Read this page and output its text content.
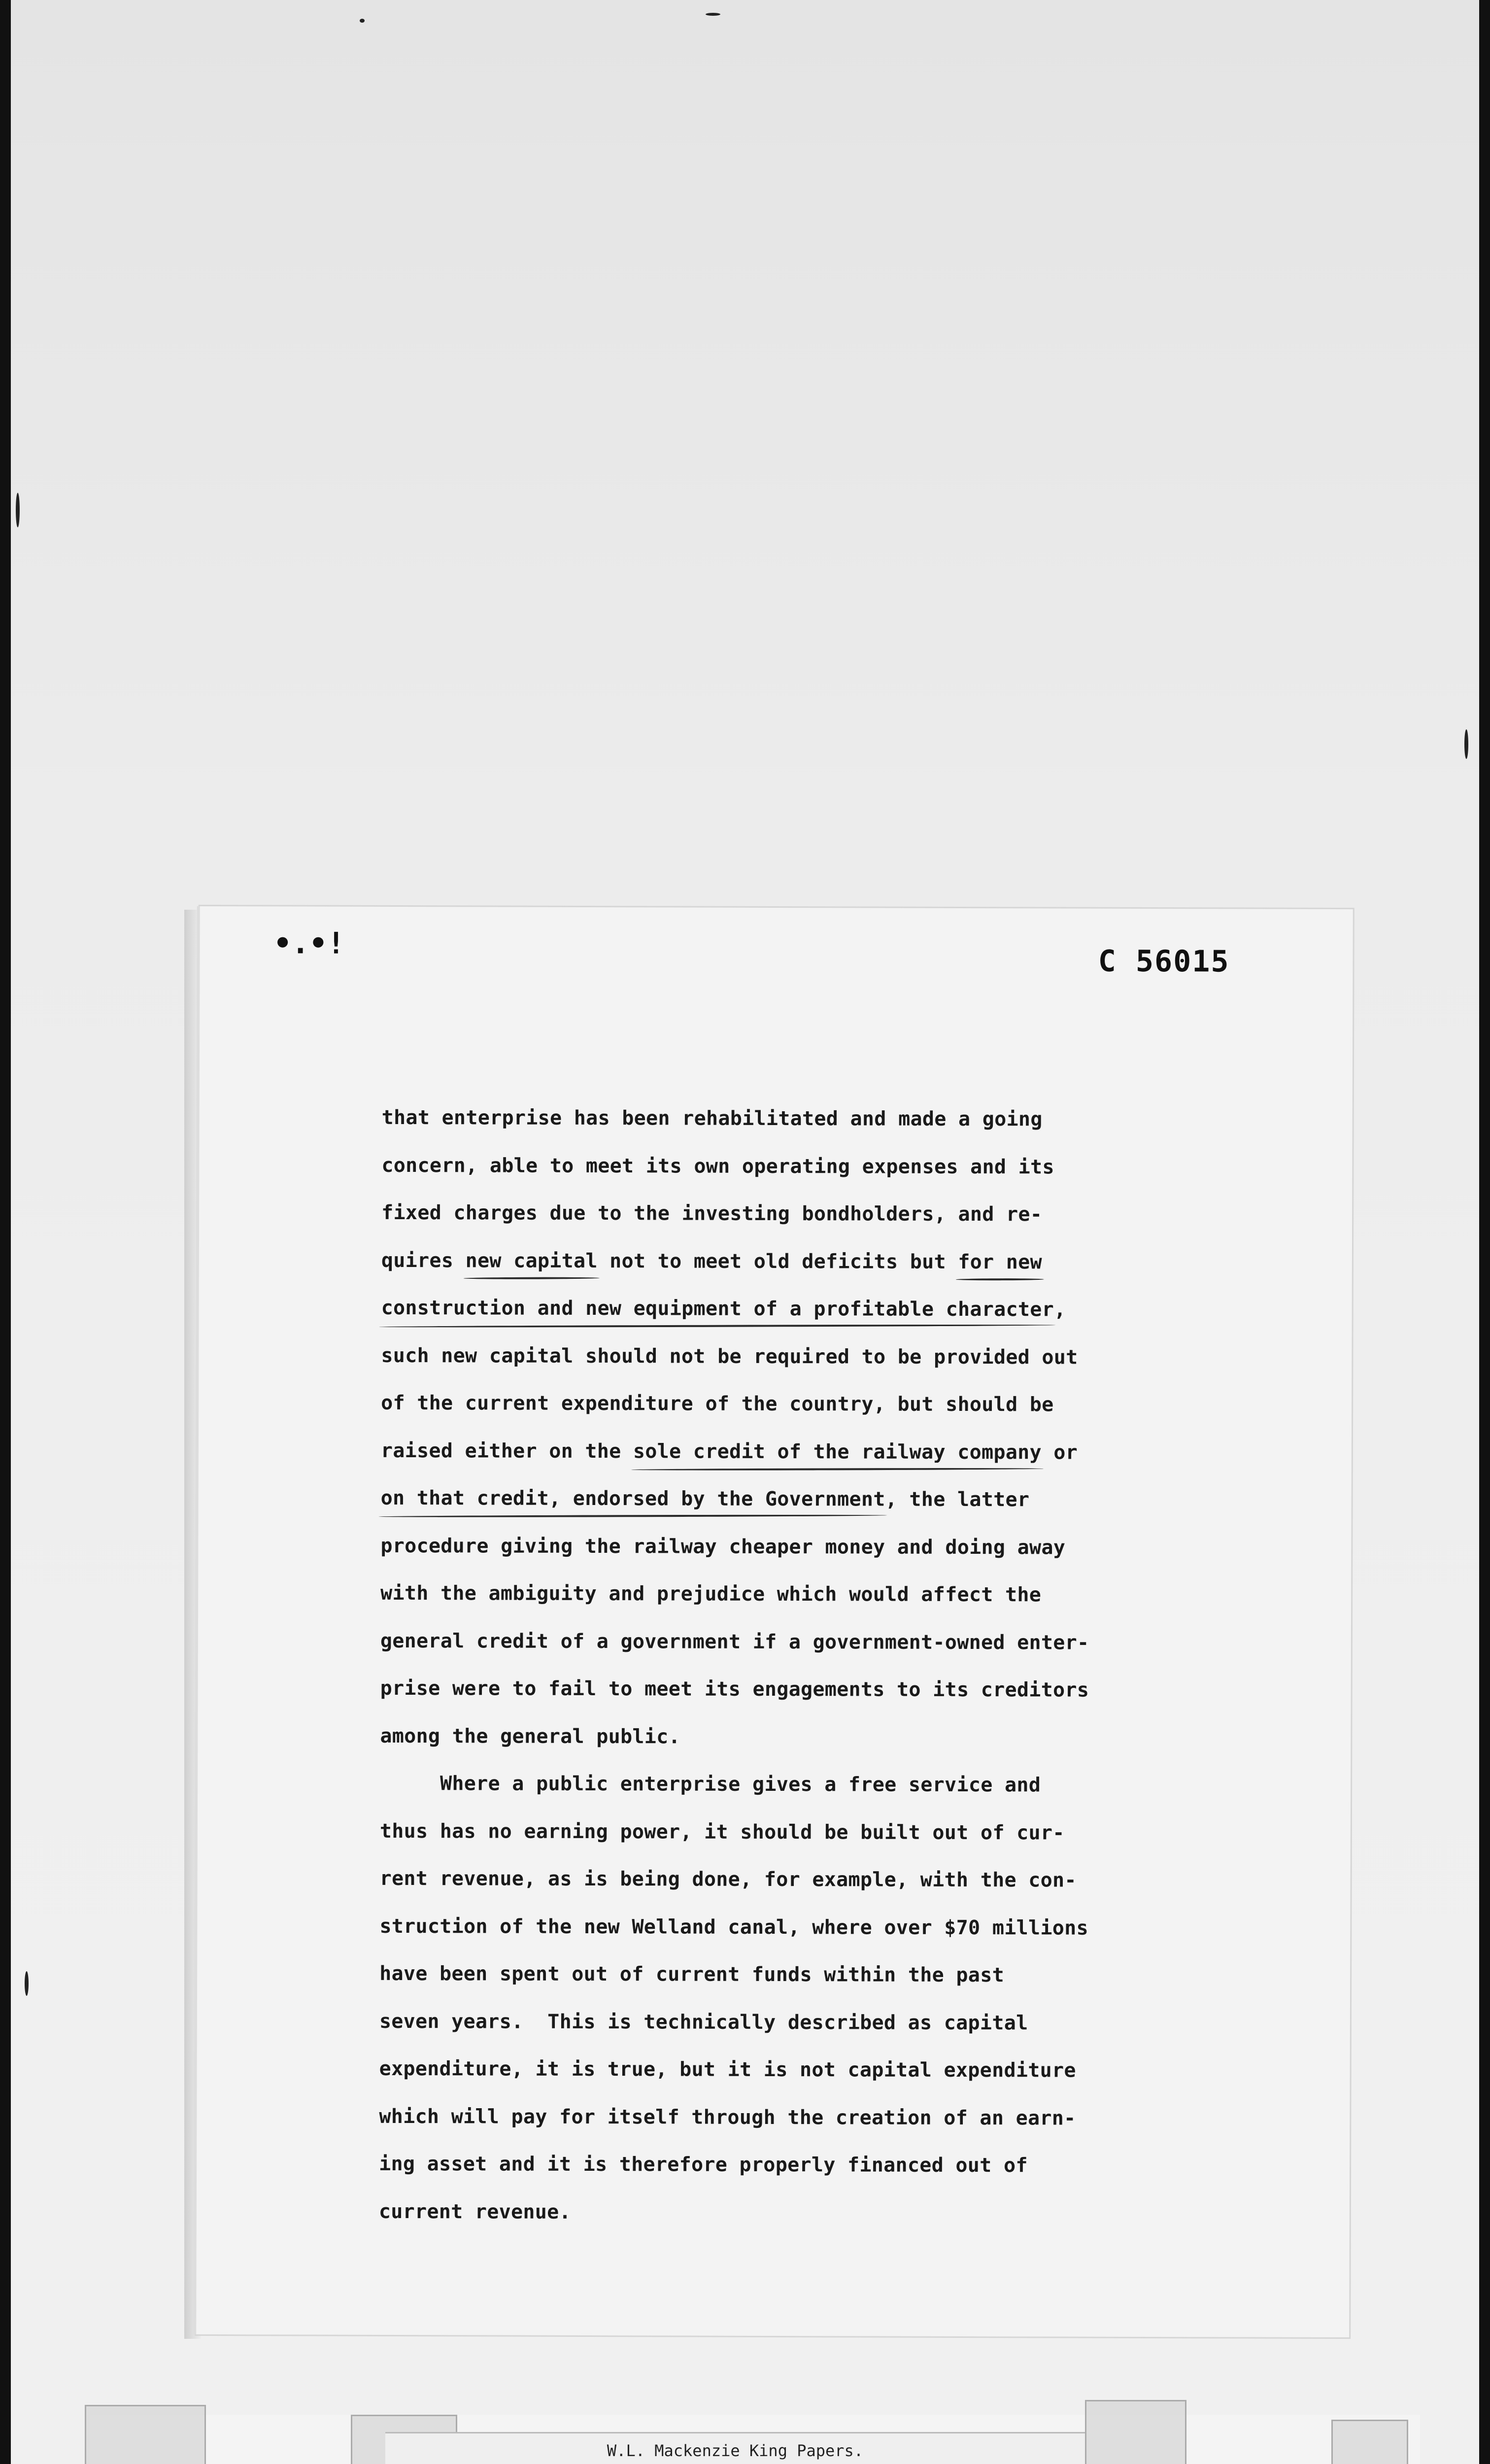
•.•!
C 56015
that enterprise has been rehabilitated and made a going
concern, able to meet its own operating expenses and its
fixed charges due to the investing bondholders, and re-
quires new capital not to meet old deficits but for new
construction and new equipment of a profitable character,
such new capital should not be required to be provided out
of the current expenditure of the country, but should be
raised either on the sole credit of the railway company or
on that credit, endorsed by the Government, the latter
procedure giving the railway cheaper money and doing away
with the ambiguity and prejudice which would affect the
general credit of a government if a government-owned enter-
prise were to fail to meet its engagements to its creditors
among the general public.
Where a public enterprise gives a free service and
thus has no earning power, it should be built out of cur-
rent revenue, as is being done, for example, with the con-
struction of the new Welland canal, where over $70 millions
have been spent out of current funds within the past
seven years.  This is technically described as capital
expenditure, it is true, but it is not capital expenditure
which will pay for itself through the creation of an earn-
ing asset and it is therefore properly financed out of
current revenue.
W.L. Mackenzie King Papers.
